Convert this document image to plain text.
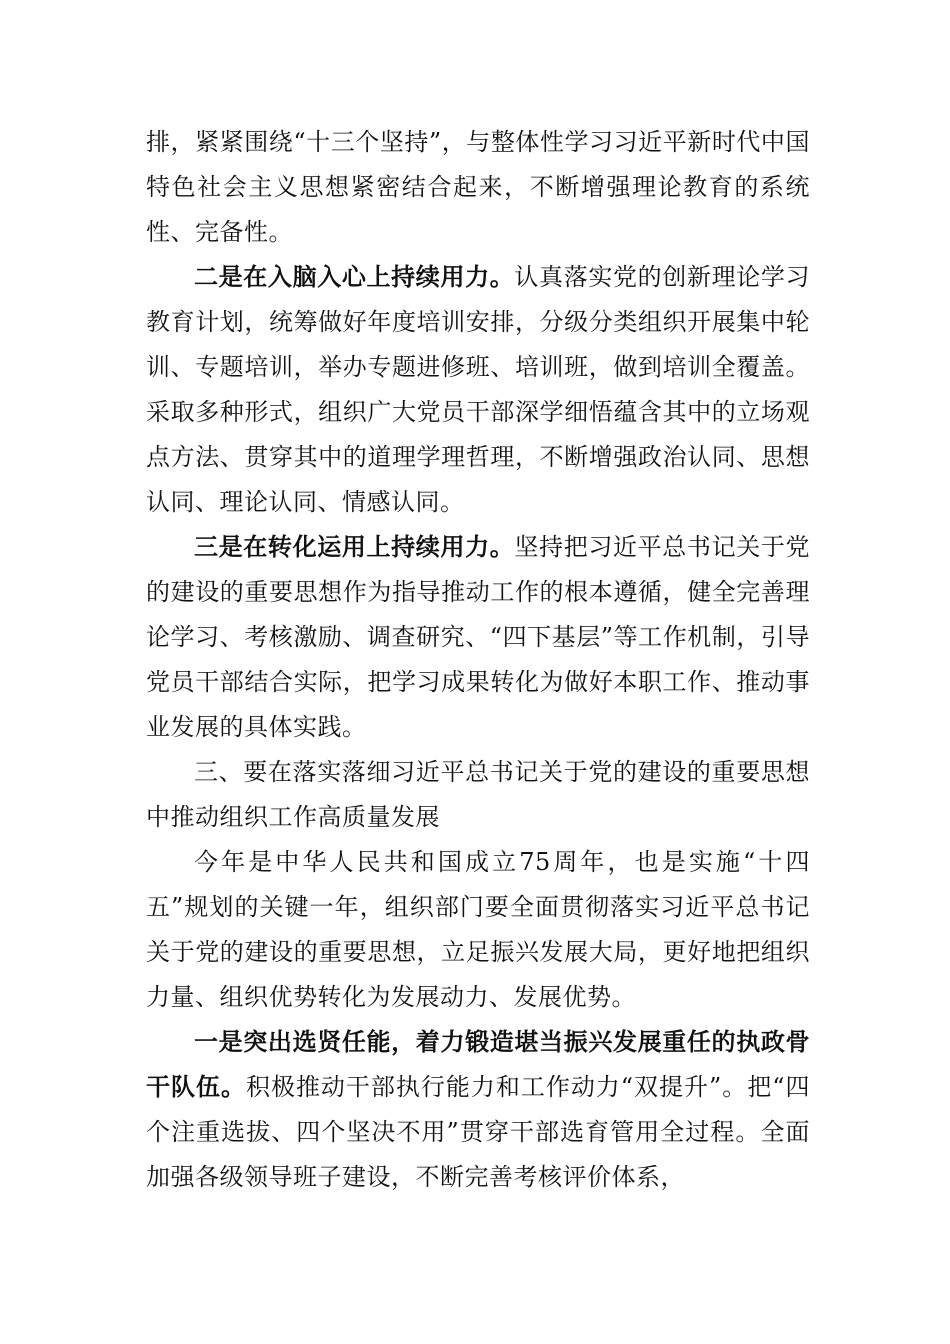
排，紧紧围绕“十三个坚持”，与整体性学习习近平新时代中国特色社会主义思想紧密结合起来，不断增强理论教育的系统性、完备性。

二是在入脑入心上持续用力。认真落实党的创新理论学习教育计划，统筹做好年度培训安排，分级分类组织开展集中轮训、专题培训，举办专题进修班、培训班，做到培训全覆盖。采取多种形式，组织广大党员干部深学细悟蕴含其中的立场观点方法、贯穿其中的道理学理哲理，不断增强政治认同、思想认同、理论认同、情感认同。

三是在转化运用上持续用力。坚持把习近平总书记关于党的建设的重要思想作为指导推动工作的根本遵循，健全完善理论学习、考核激励、调查研究、“四下基层”等工作机制，引导党员干部结合实际，把学习成果转化为做好本职工作、推动事业发展的具体实践。

三、要在落实落细习近平总书记关于党的建设的重要思想中推动组织工作高质量发展

今年是中华人民共和国成立75周年，也是实施“十四五”规划的关键一年，组织部门要全面贯彻落实习近平总书记关于党的建设的重要思想，立足振兴发展大局，更好地把组织力量、组织优势转化为发展动力、发展优势。

一是突出选贤任能，着力锻造堪当振兴发展重任的执政骨干队伍。积极推动干部执行能力和工作动力“双提升”。把“四个注重选拔、四个坚决不用”贯穿干部选育管用全过程。全面加强各级领导班子建设，不断完善考核评价体系，
